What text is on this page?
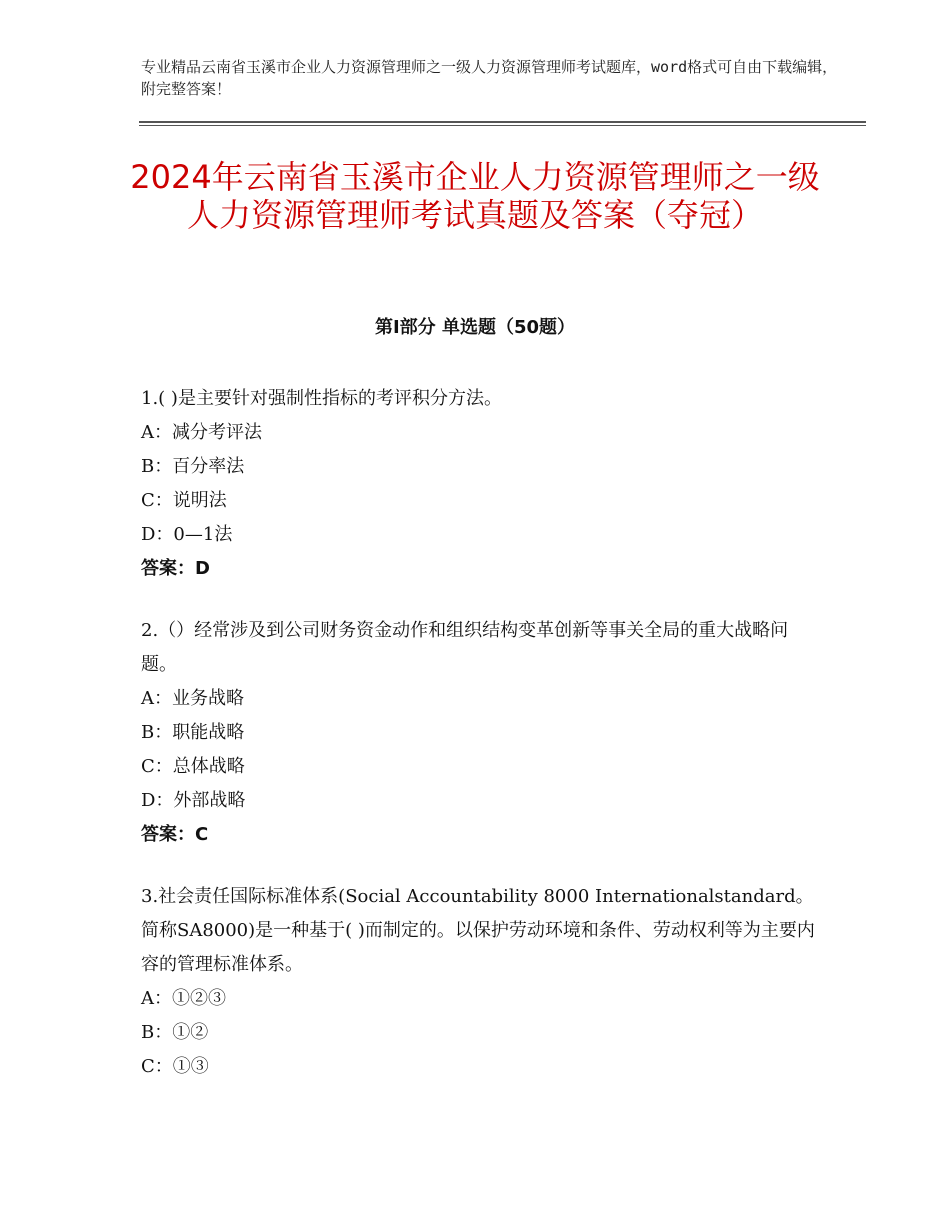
专业精品云南省玉溪市企业人力资源管理师之一级人力资源管理师考试题库，word格式可自由下载编辑，附完整答案！
2024年云南省玉溪市企业人力资源管理师之一级人力资源管理师考试真题及答案（夺冠）
第Ⅰ部分 单选题（50题）
1.( )是主要针对强制性指标的考评积分方法。
A：减分考评法
B：百分率法
C：说明法
D：0—1法
答案：D
2.（）经常涉及到公司财务资金动作和组织结构变革创新等事关全局的重大战略问题。
A：业务战略
B：职能战略
C：总体战略
D：外部战略
答案：C
3.社会责任国际标准体系(Social Accountability 8000 Internationalstandard。简称SA8000)是一种基于( )而制定的。以保护劳动环境和条件、劳动权利等为主要内容的管理标准体系。
A：①②③
B：①②
C：①③
